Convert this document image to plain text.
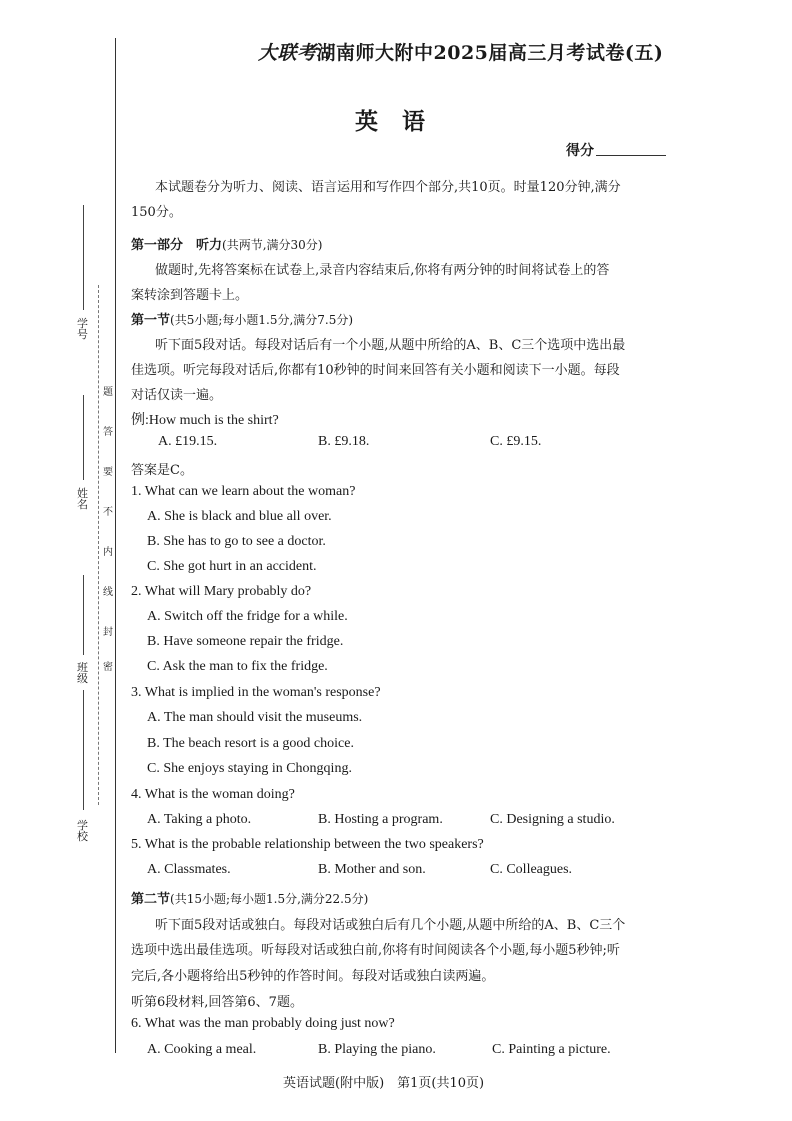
学号
姓名
班级
学校
密
封
线
内
不
要
答
题
大联考湖南师大附中2025届高三月考试卷(五)
英语
得分
本试题卷分为听力、阅读、语言运用和写作四个部分,共10页。时量120分钟,满分
150分。
第一部分　听力(共两节,满分30分)
做题时,先将答案标在试卷上,录音内容结束后,你将有两分钟的时间将试卷上的答
案转涂到答题卡上。
第一节(共5小题;每小题1.5分,满分7.5分)
听下面5段对话。每段对话后有一个小题,从题中所给的A、B、C三个选项中选出最
佳选项。听完每段对话后,你都有10秒钟的时间来回答有关小题和阅读下一小题。每段
对话仅读一遍。
例:How much is the shirt?
A. £19.15.	B. £9.18.	C. £9.15.
答案是C。
1. What can we learn about the woman?
A. She is black and blue all over.
B. She has to go to see a doctor.
C. She got hurt in an accident.
2. What will Mary probably do?
A. Switch off the fridge for a while.
B. Have someone repair the fridge.
C. Ask the man to fix the fridge.
3. What is implied in the woman's response?
A. The man should visit the museums.
B. The beach resort is a good choice.
C. She enjoys staying in Chongqing.
4. What is the woman doing?
A. Taking a photo.	B. Hosting a program.	C. Designing a studio.
5. What is the probable relationship between the two speakers?
A. Classmates.	B. Mother and son.	C. Colleagues.
第二节(共15小题;每小题1.5分,满分22.5分)
听下面5段对话或独白。每段对话或独白后有几个小题,从题中所给的A、B、C三个
选项中选出最佳选项。听每段对话或独白前,你将有时间阅读各个小题,每小题5秒钟;听
完后,各小题将给出5秒钟的作答时间。每段对话或独白读两遍。
听第6段材料,回答第6、7题。
6. What was the man probably doing just now?
A. Cooking a meal.	B. Playing the piano.	C. Painting a picture.
英语试题(附中版)　第1页(共10页)
